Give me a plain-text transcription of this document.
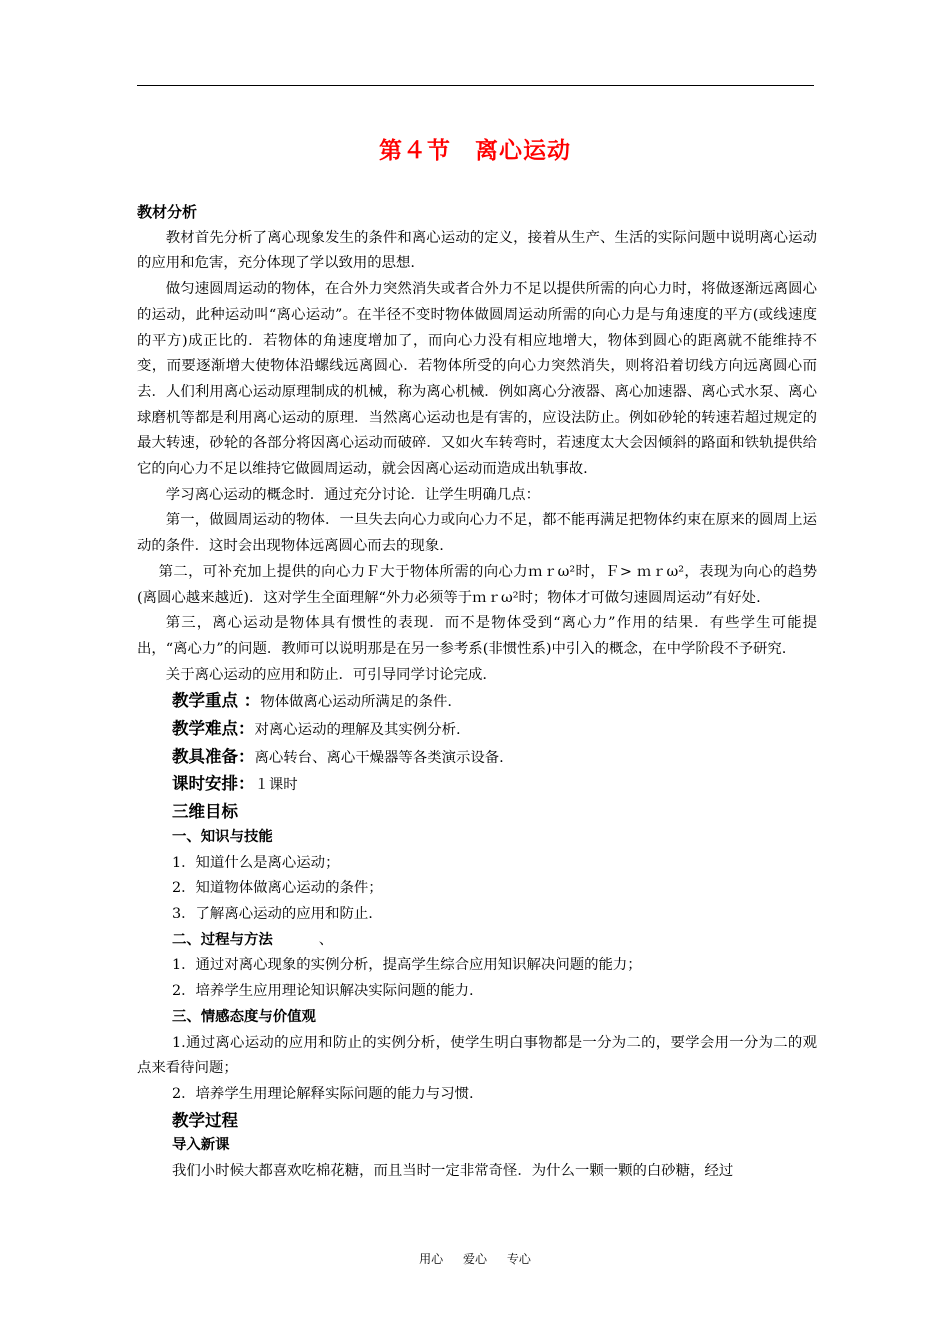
第４节　离心运动

教材分析

教材首先分析了离心现象发生的条件和离心运动的定义，接着从生产、生活的实际问题中说明离心运动的应用和危害，充分体现了学以致用的思想.

做匀速圆周运动的物体，在合外力突然消失或者合外力不足以提供所需的向心力时，将做逐渐远离圆心的运动，此种运动叫“离心运动”。在半径不变时物体做圆周运动所需的向心力是与角速度的平方(或线速度的平方)成正比的．若物体的角速度增加了，而向心力没有相应地增大，物体到圆心的距离就不能维持不变，而要逐渐增大使物体沿螺线远离圆心．若物体所受的向心力突然消失，则将沿着切线方向远离圆心而去．人们利用离心运动原理制成的机械，称为离心机械．例如离心分液器、离心加速器、离心式水泵、离心球磨机等都是利用离心运动的原理．当然离心运动也是有害的，应设法防止。例如砂轮的转速若超过规定的最大转速，砂轮的各部分将因离心运动而破碎．又如火车转弯时，若速度太大会因倾斜的路面和铁轨提供给它的向心力不足以维持它做圆周运动，就会因离心运动而造成出轨事故.

学习离心运动的概念时．通过充分讨论．让学生明确几点：

第一，做圆周运动的物体．一旦失去向心力或向心力不足，都不能再满足把物体约束在原来的圆周上运动的条件．这时会出现物体远离圆心而去的现象.

第二，可补充加上提供的向心力Ｆ大于物体所需的向心力ｍｒω²时，Ｆ> ｍｒω²，表现为向心的趋势(离圆心越来越近)．这对学生全面理解“外力必须等于ｍｒω²时；物体才可做匀速圆周运动”有好处.

第三，离心运动是物体具有惯性的表现．而不是物体受到“离心力”作用的结果．有些学生可能提出，“离心力”的问题．教师可以说明那是在另一参考系(非惯性系)中引入的概念，在中学阶段不予研究.

关于离心运动的应用和防止．可引导同学讨论完成.

教学重点 ：物体做离心运动所满足的条件.

教学难点：对离心运动的理解及其实例分析.

教具准备：离心转台、离心干燥器等各类演示设备.

课时安排：１课时

三维目标

一、知识与技能

1．知道什么是离心运动；

2．知道物体做离心运动的条件；

3．了解离心运动的应用和防止.

二、过程与方法	、

1．通过对离心现象的实例分析，提高学生综合应用知识解决问题的能力；

2．培养学生应用理论知识解决实际问题的能力.

三、情感态度与价值观

1.通过离心运动的应用和防止的实例分析，使学生明白事物都是一分为二的，要学会用一分为二的观点来看待问题；

2．培养学生用理论解释实际问题的能力与习惯.

教学过程

导入新课

我们小时候大都喜欢吃棉花糖，而且当时一定非常奇怪．为什么一颗一颗的白砂糖，经过

用心 爱心 专心
